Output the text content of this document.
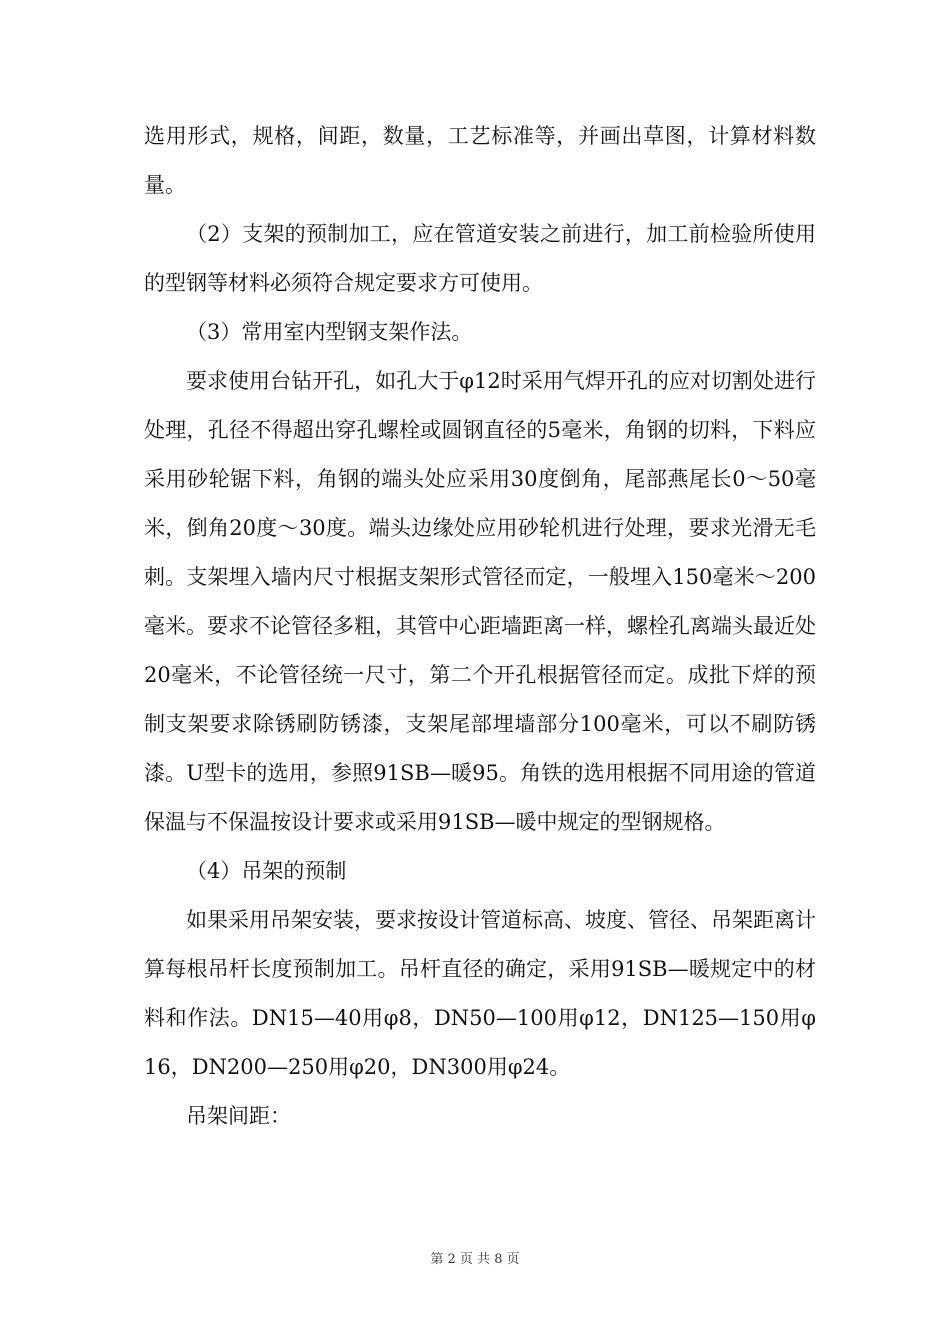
选用形式，规格，间距，数量，工艺标准等，并画出草图，计算材料数量。

（2）支架的预制加工，应在管道安装之前进行，加工前检验所使用的型钢等材料必须符合规定要求方可使用。

（3）常用室内型钢支架作法。

要求使用台钻开孔，如孔大于φ12时采用气焊开孔的应对切割处进行处理，孔径不得超出穿孔螺栓或圆钢直径的5毫米，角钢的切料，下料应采用砂轮锯下料，角钢的端头处应采用30度倒角，尾部燕尾长0～50毫米，倒角20度～30度。端头边缘处应用砂轮机进行处理，要求光滑无毛刺。支架埋入墙内尺寸根据支架形式管径而定，一般埋入150毫米～200毫米。要求不论管径多粗，其管中心距墙距离一样，螺栓孔离端头最近处20毫米，不论管径统一尺寸，第二个开孔根据管径而定。成批下烊的预制支架要求除锈刷防锈漆，支架尾部埋墙部分100毫米，可以不刷防锈漆。U型卡的选用，参照91SB—暖95。角铁的选用根据不同用途的管道保温与不保温按设计要求或采用91SB—暖中规定的型钢规格。

（4）吊架的预制

如果采用吊架安装，要求按设计管道标高、坡度、管径、吊架距离计算每根吊杆长度预制加工。吊杆直径的确定，采用91SB—暖规定中的材料和作法。DN15—40用φ8，DN50—100用φ12，DN125—150用φ16，DN200—250用φ20，DN300用φ24。

吊架间距：

第 2 页 共 8 页
